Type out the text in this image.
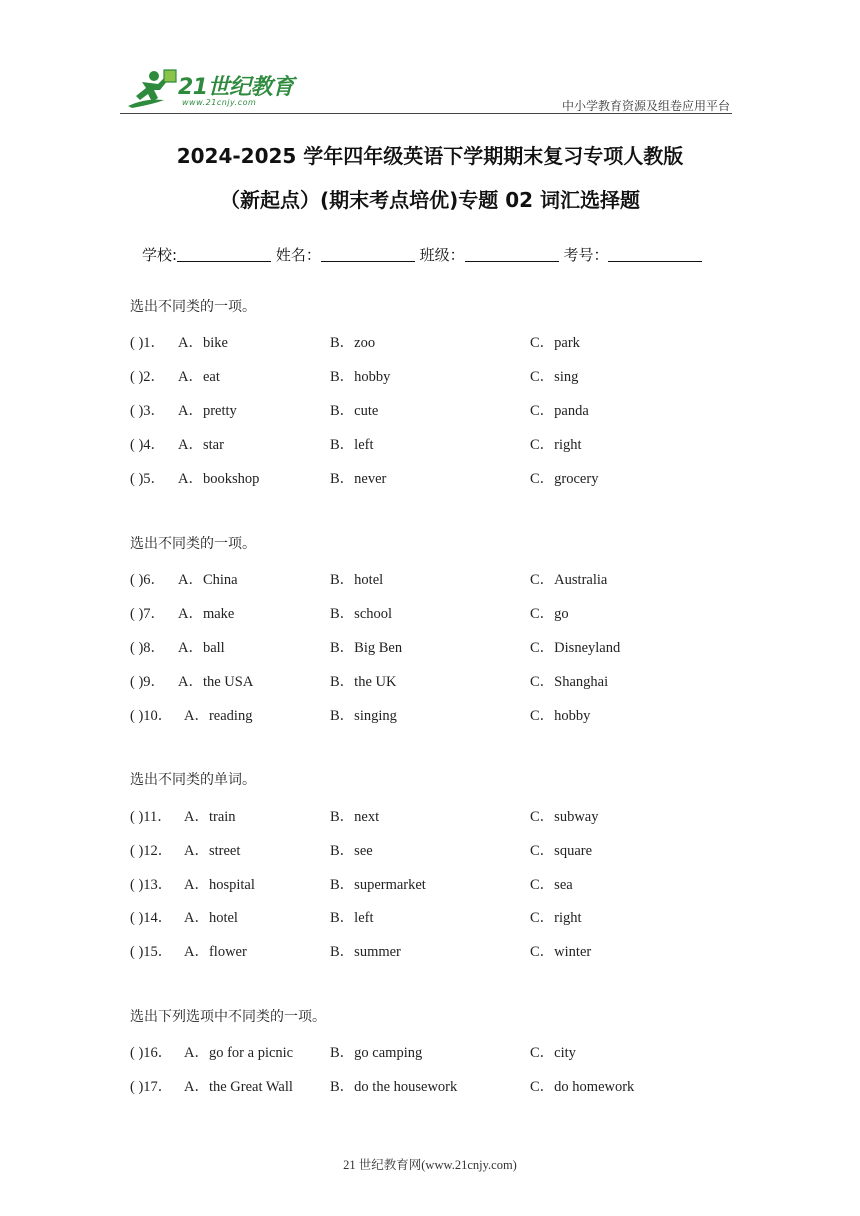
21世纪教育
www.21cnjy.com	中小学教育资源及组卷应用平台
2024-2025 学年四年级英语下学期期末复习专项人教版
（新起点）(期末考点培优)专题 02 词汇选择题
学校:	姓名：	班级：	考号：
选出不同类的一项。
( )1． A．bike	B．zoo	C．park
( )2． A．eat	B．hobby	C．sing
( )3． A．pretty	B．cute	C．panda
( )4． A．star	B．left	C．right
( )5． A．bookshop	B．never	C．grocery
选出不同类的一项。
( )6． A．China	B．hotel	C．Australia
( )7． A．make	B．school	C．go
( )8． A．ball	B．Big Ben	C．Disneyland
( )9． A．the USA	B．the UK	C．Shanghai
( )10． A．reading	B．singing	C．hobby
选出不同类的单词。
( )11． A．train	B．next	C．subway
( )12． A．street	B．see	C．square
( )13． A．hospital	B．supermarket	C．sea
( )14． A．hotel	B．left	C．right
( )15． A．flower	B．summer	C．winter
选出下列选项中不同类的一项。
( )16． A．go for a picnic	B．go camping	C．city
( )17． A．the Great Wall	B．do the housework	C．do homework
21 世纪教育网(www.21cnjy.com)
